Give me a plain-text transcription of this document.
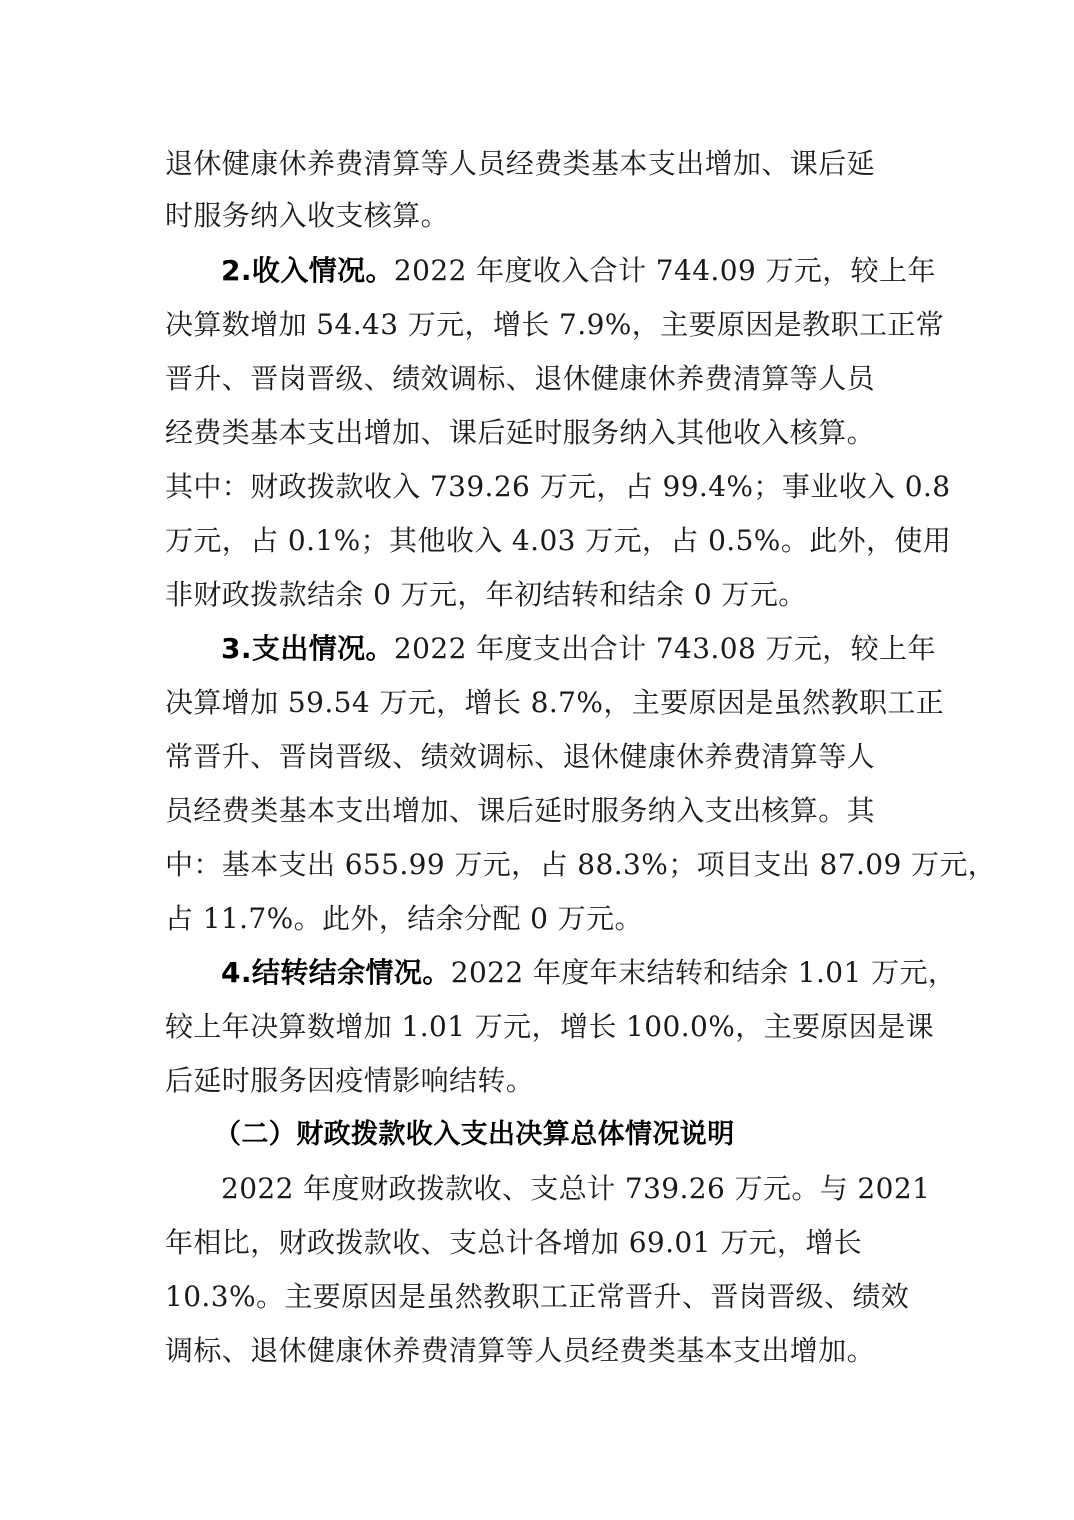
退休健康休养费清算等人员经费类基本支出增加、课后延
时服务纳入收支核算。
2.收入情况。2022 年度收入合计 744.09 万元，较上年
决算数增加 54.43 万元，增长 7.9%，主要原因是教职工正常
晋升、晋岗晋级、绩效调标、退休健康休养费清算等人员
经费类基本支出增加、课后延时服务纳入其他收入核算。
其中：财政拨款收入 739.26 万元，占 99.4%；事业收入 0.8
万元，占 0.1%；其他收入 4.03 万元，占 0.5%。此外，使用
非财政拨款结余 0 万元，年初结转和结余 0 万元。
3.支出情况。2022 年度支出合计 743.08 万元，较上年
决算增加 59.54 万元，增长 8.7%，主要原因是虽然教职工正
常晋升、晋岗晋级、绩效调标、退休健康休养费清算等人
员经费类基本支出增加、课后延时服务纳入支出核算。其
中：基本支出 655.99 万元，占 88.3%；项目支出 87.09 万元，
占 11.7%。此外，结余分配 0 万元。
4.结转结余情况。2022 年度年末结转和结余 1.01 万元，
较上年决算数增加 1.01 万元，增长 100.0%，主要原因是课
后延时服务因疫情影响结转。
（二）财政拨款收入支出决算总体情况说明
2022 年度财政拨款收、支总计 739.26 万元。与 2021
年相比，财政拨款收、支总计各增加 69.01 万元，增长
10.3%。主要原因是虽然教职工正常晋升、晋岗晋级、绩效
调标、退休健康休养费清算等人员经费类基本支出增加。
